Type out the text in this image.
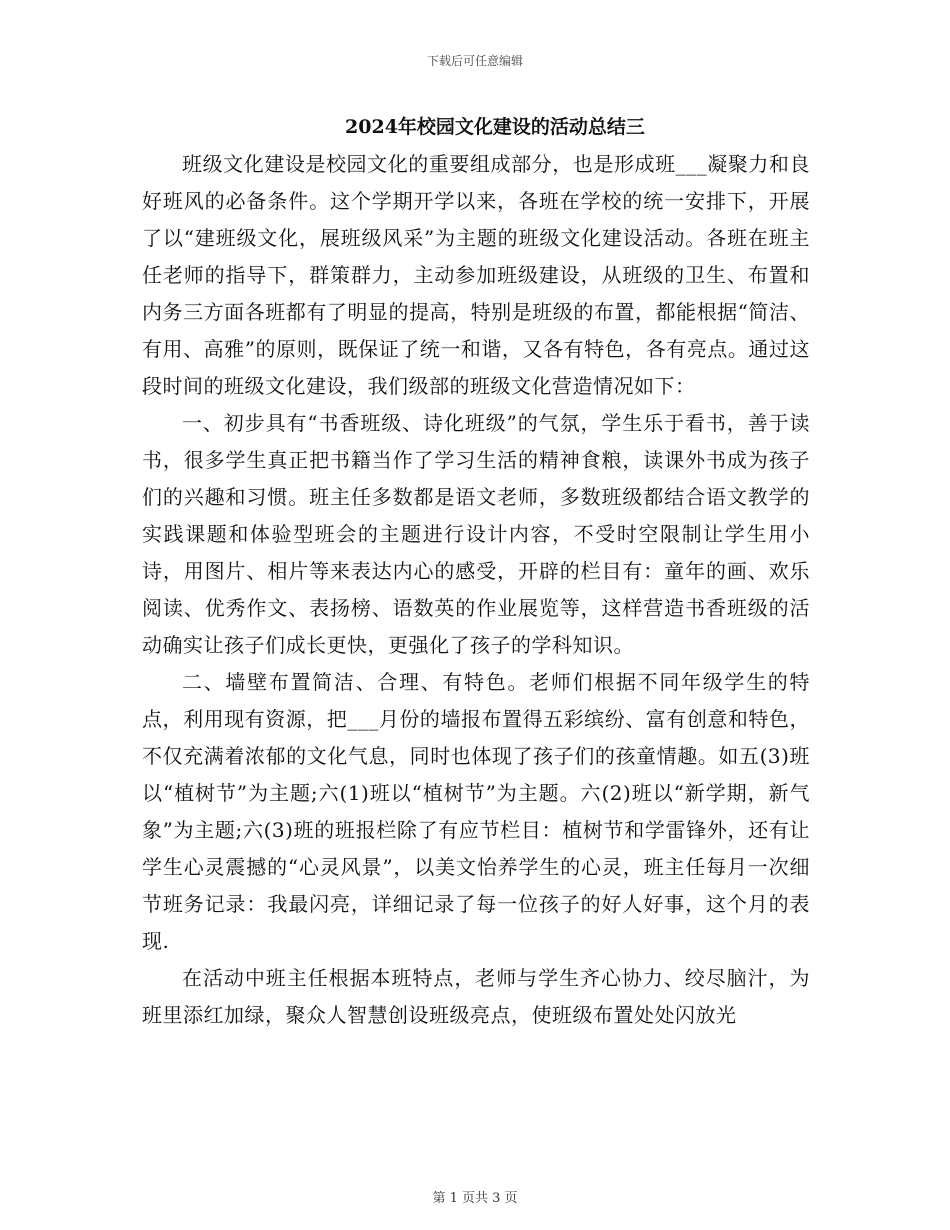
下载后可任意编辑
2024年校园文化建设的活动总结三

班级文化建设是校园文化的重要组成部分，也是形成班___凝聚力和良好班风的必备条件。这个学期开学以来，各班在学校的统一安排下，开展了以“建班级文化，展班级风采”为主题的班级文化建设活动。各班在班主任老师的指导下，群策群力，主动参加班级建设，从班级的卫生、布置和内务三方面各班都有了明显的提高，特别是班级的布置，都能根据“简洁、有用、高雅”的原则，既保证了统一和谐，又各有特色，各有亮点。通过这段时间的班级文化建设，我们级部的班级文化营造情况如下：

一、初步具有“书香班级、诗化班级”的气氛，学生乐于看书，善于读书，很多学生真正把书籍当作了学习生活的精神食粮，读课外书成为孩子们的兴趣和习惯。班主任多数都是语文老师，多数班级都结合语文教学的实践课题和体验型班会的主题进行设计内容，不受时空限制让学生用小诗，用图片、相片等来表达内心的感受，开辟的栏目有：童年的画、欢乐阅读、优秀作文、表扬榜、语数英的作业展览等，这样营造书香班级的活动确实让孩子们成长更快，更强化了孩子的学科知识。

二、墙壁布置简洁、合理、有特色。老师们根据不同年级学生的特点，利用现有资源，把___月份的墙报布置得五彩缤纷、富有创意和特色，不仅充满着浓郁的文化气息，同时也体现了孩子们的孩童情趣。如五(3)班以“植树节”为主题;六(1)班以“植树节”为主题。六(2)班以“新学期，新气象”为主题;六(3)班的班报栏除了有应节栏目：植树节和学雷锋外，还有让学生心灵震撼的“心灵风景”，以美文怡养学生的心灵，班主任每月一次细节班务记录：我最闪亮，详细记录了每一位孩子的好人好事，这个月的表现.

在活动中班主任根据本班特点，老师与学生齐心协力、绞尽脑汁，为班里添红加绿，聚众人智慧创设班级亮点，使班级布置处处闪放光

第 1 页共 3 页
